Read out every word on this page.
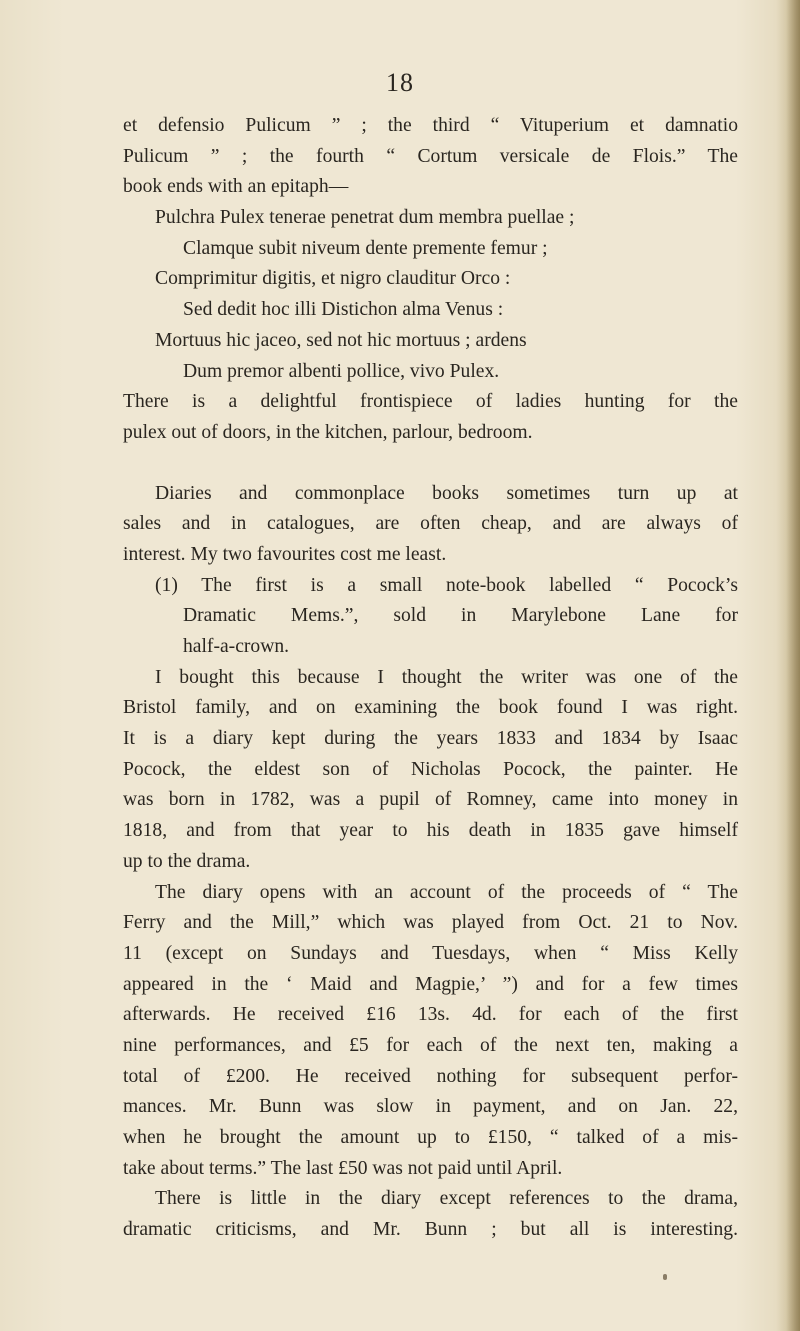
18
et defensio Pulicum ” ; the third “ Vituperium et damnatio
Pulicum ” ; the fourth “ Cortum versicale de Flois.” The
book ends with an epitaph—
Pulchra Pulex tenerae penetrat dum membra puellae ;
Clamque subit niveum dente premente femur ;
Comprimitur digitis, et nigro clauditur Orco :
Sed dedit hoc illi Distichon alma Venus :
Mortuus hic jaceo, sed not hic mortuus ; ardens
Dum premor albenti pollice, vivo Pulex.
There is a delightful frontispiece of ladies hunting for the
pulex out of doors, in the kitchen, parlour, bedroom.
Diaries and commonplace books sometimes turn up at
sales and in catalogues, are often cheap, and are always of
interest. My two favourites cost me least.
(1) The first is a small note-book labelled “ Pocock’s
Dramatic Mems.”, sold in Marylebone Lane for
half-a-crown.
I bought this because I thought the writer was one of the
Bristol family, and on examining the book found I was right.
It is a diary kept during the years 1833 and 1834 by Isaac
Pocock, the eldest son of Nicholas Pocock, the painter. He
was born in 1782, was a pupil of Romney, came into money in
1818, and from that year to his death in 1835 gave himself
up to the drama.
The diary opens with an account of the proceeds of “ The
Ferry and the Mill,” which was played from Oct. 21 to Nov.
11 (except on Sundays and Tuesdays, when “ Miss Kelly
appeared in the ‘ Maid and Magpie,’ ”) and for a few times
afterwards. He received £16 13s. 4d. for each of the first
nine performances, and £5 for each of the next ten, making a
total of £200. He received nothing for subsequent perfor-
mances. Mr. Bunn was slow in payment, and on Jan. 22,
when he brought the amount up to £150, “ talked of a mis-
take about terms.” The last £50 was not paid until April.
There is little in the diary except references to the drama,
dramatic criticisms, and Mr. Bunn ; but all is interesting.
